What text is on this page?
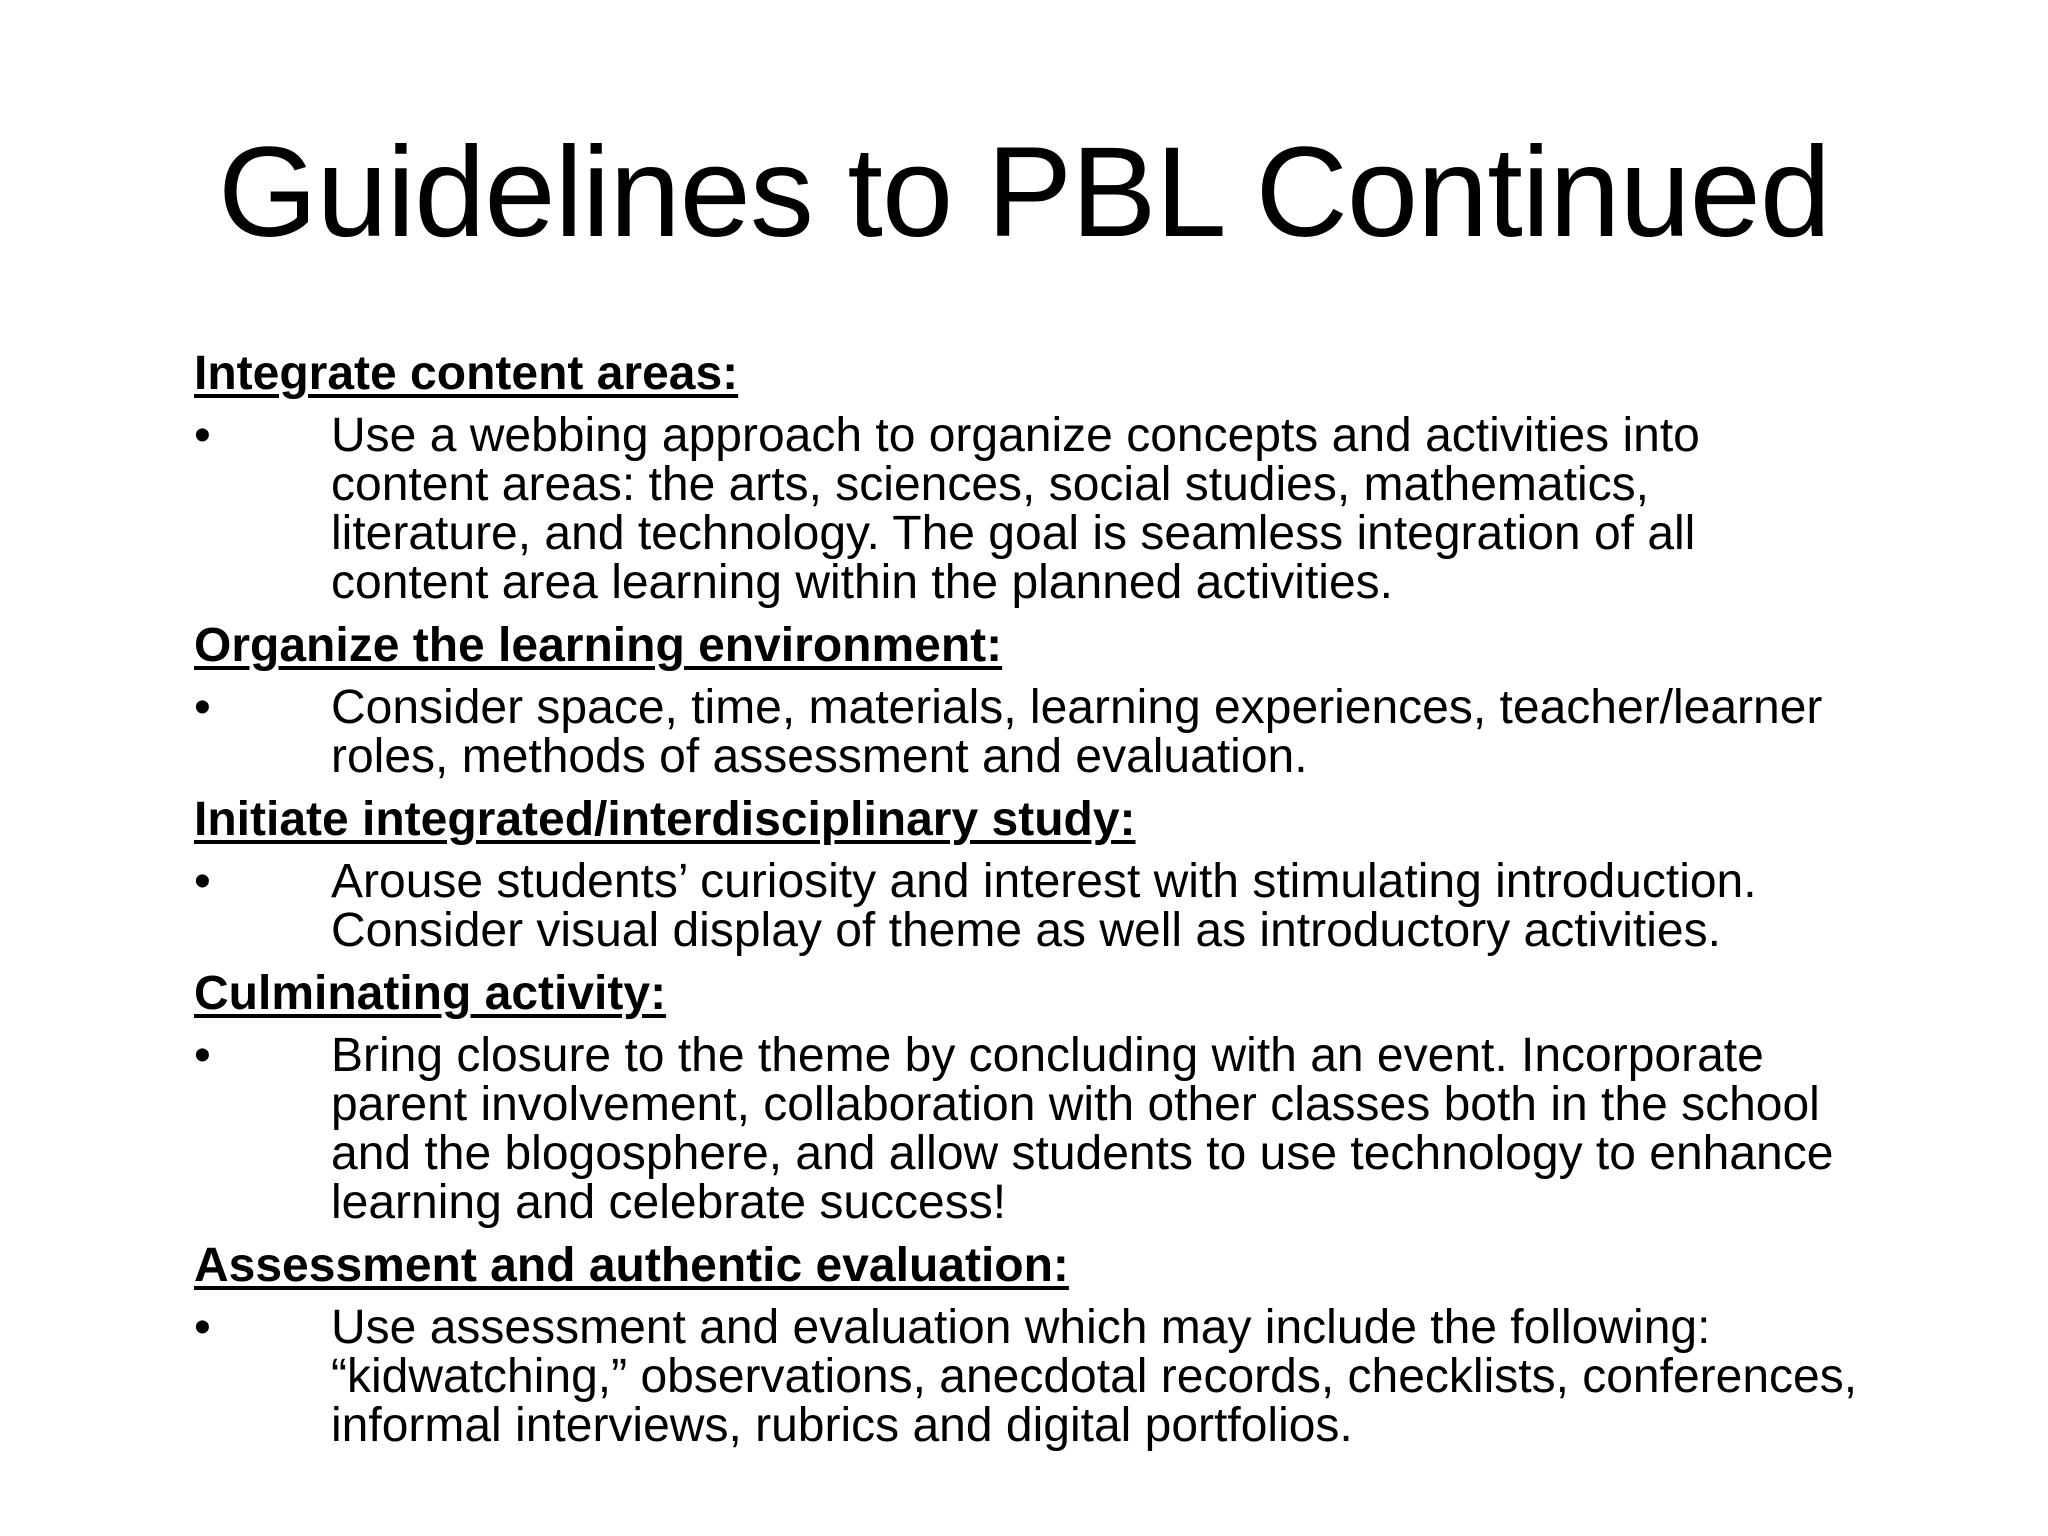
Guidelines to PBL Continued

Integrate content areas:

•	Use a webbing approach to organize concepts and activities into
content areas: the arts, sciences, social studies, mathematics,
literature, and technology. The goal is seamless integration of all
content area learning within the planned activities.

Organize the learning environment:

•	Consider space, time, materials, learning experiences, teacher/learner
roles, methods of assessment and evaluation.

Initiate integrated/interdisciplinary study:

•	Arouse students’ curiosity and interest with stimulating introduction.
Consider visual display of theme as well as introductory activities.

Culminating activity:

•	Bring closure to the theme by concluding with an event. Incorporate
parent involvement, collaboration with other classes both in the school
and the blogosphere, and allow students to use technology to enhance
learning and celebrate success!

Assessment and authentic evaluation:

•	Use assessment and evaluation which may include the following:
“kidwatching,” observations, anecdotal records, checklists, conferences,
informal interviews, rubrics and digital portfolios.
